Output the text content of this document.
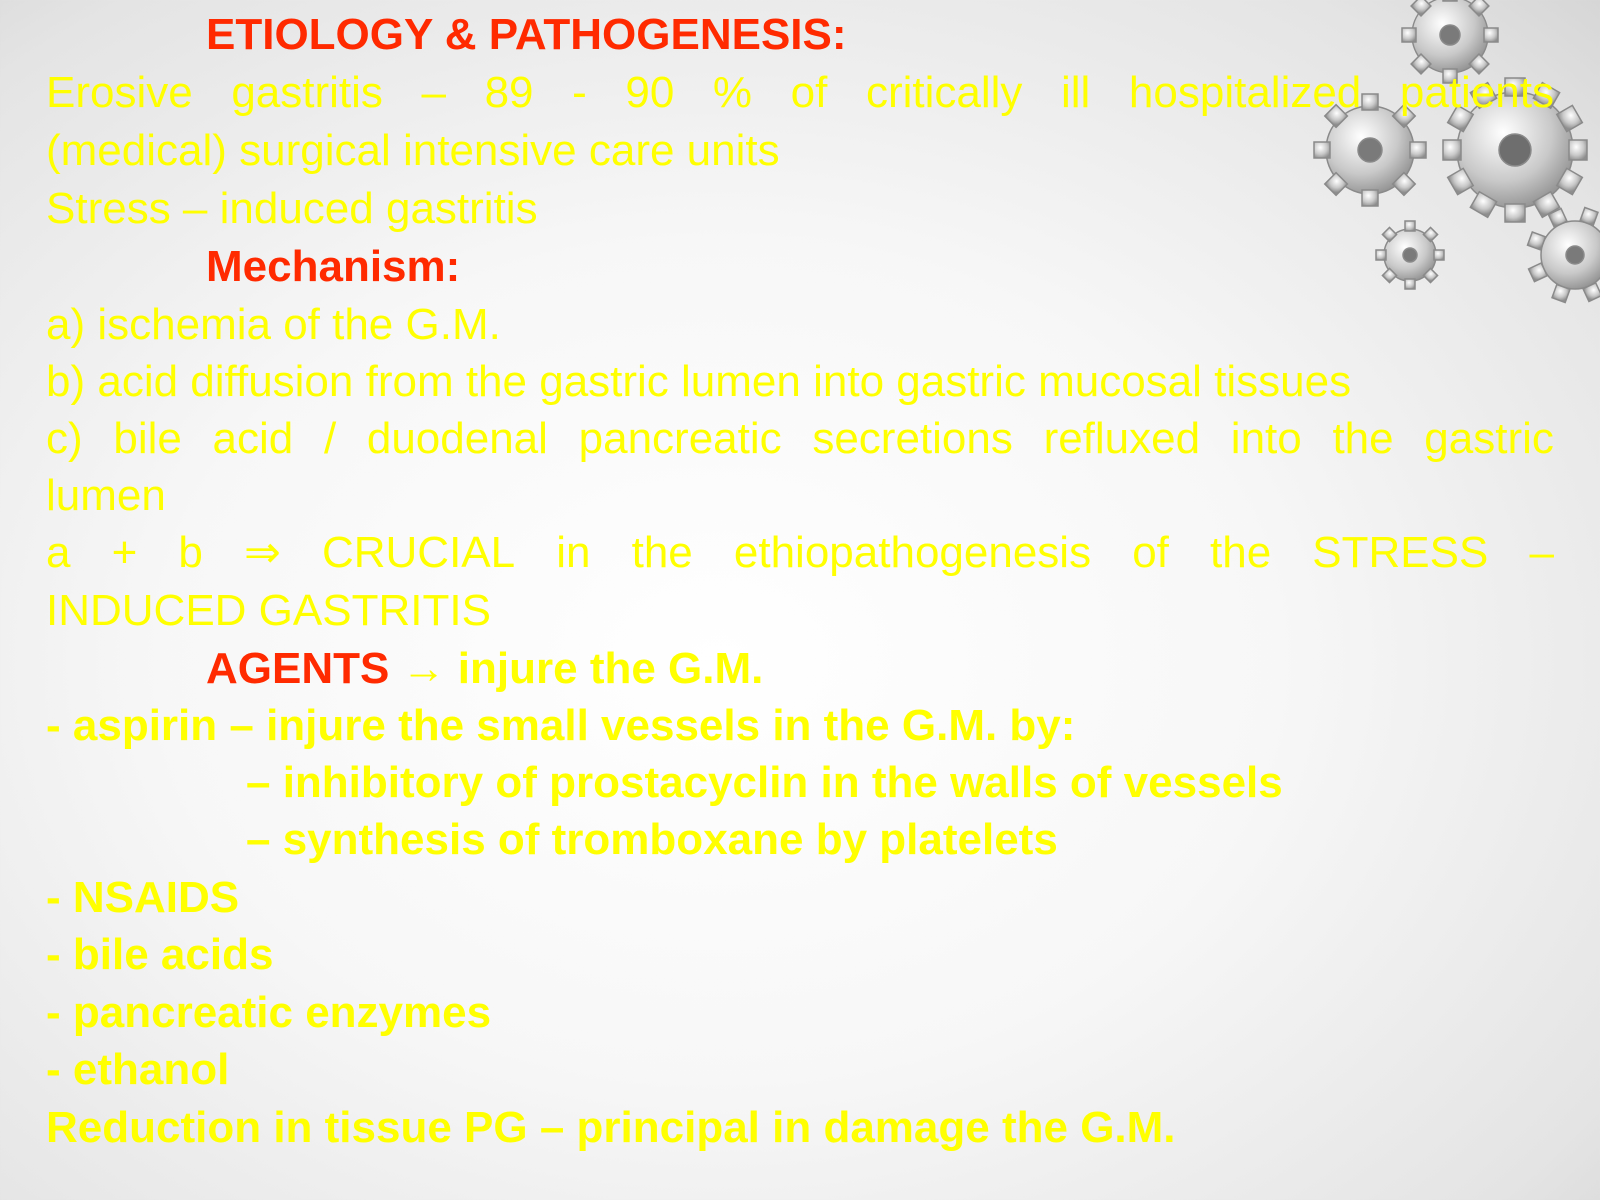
ETIOLOGY & PATHOGENESIS:
Erosive gastritis – 89 - 90 % of critically ill hospitalized patients
(medical) surgical intensive care units
Stress – induced gastritis
Mechanism:
a) ischemia of the G.M.
b) acid diffusion from the gastric lumen into gastric mucosal tissues
c) bile acid / duodenal pancreatic secretions refluxed into the gastric
lumen
a + b ⇒ CRUCIAL in the ethiopathogenesis of the STRESS –
INDUCED GASTRITIS
AGENTS → injure the G.M.
- aspirin – injure the small vessels in the G.M. by:
– inhibitory of prostacyclin in the walls of vessels
– synthesis of tromboxane by platelets
- NSAIDS
- bile acids
- pancreatic enzymes
- ethanol
Reduction in tissue PG – principal in damage the G.M.
